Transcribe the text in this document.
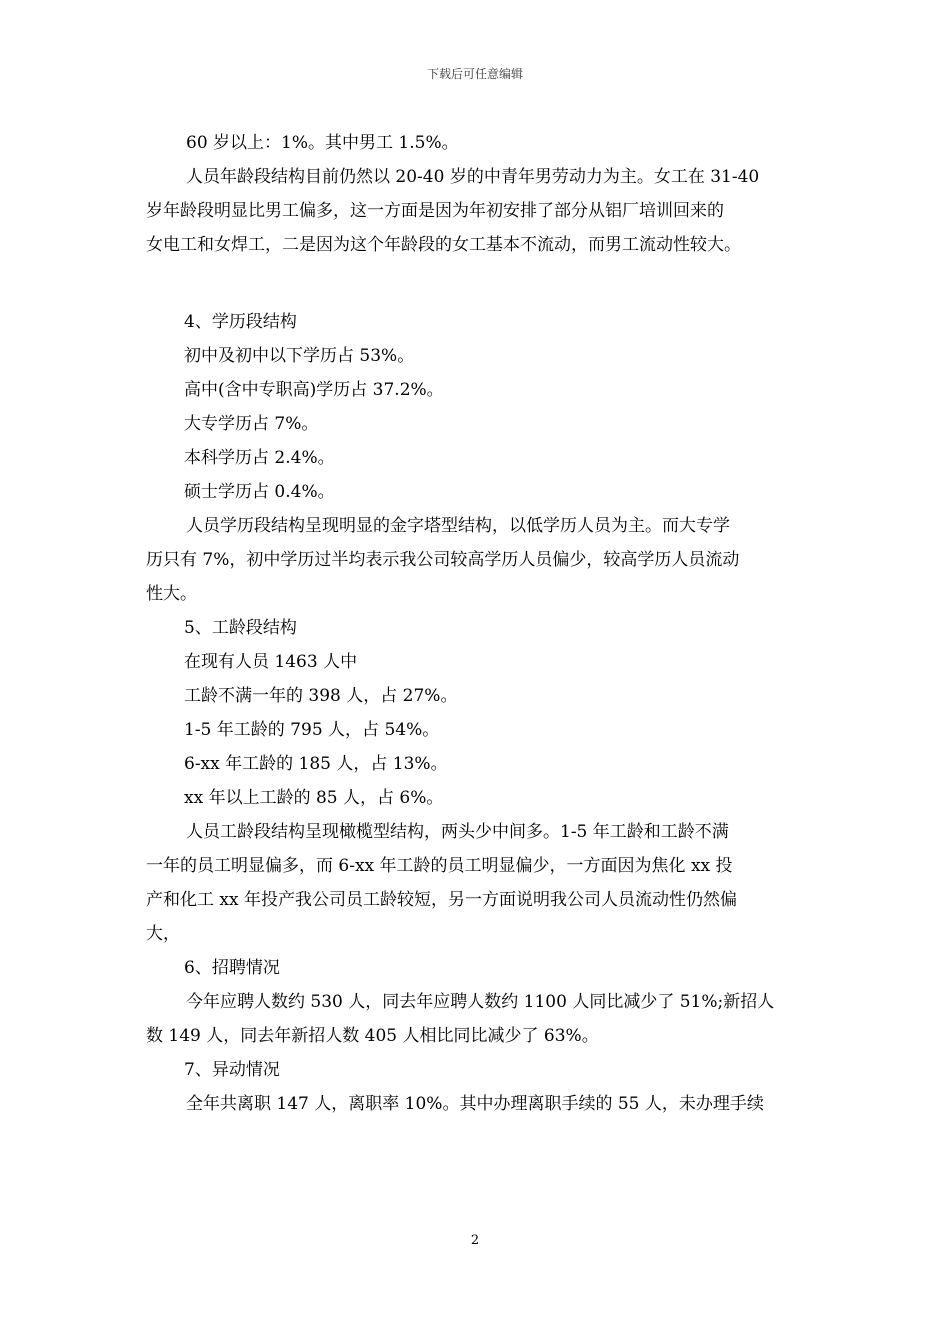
下载后可任意编辑
60 岁以上：1%。其中男工 1.5%。
人员年龄段结构目前仍然以 20-40 岁的中青年男劳动力为主。女工在 31-40
岁年龄段明显比男工偏多，这一方面是因为年初安排了部分从铝厂培训回来的
女电工和女焊工，二是因为这个年龄段的女工基本不流动，而男工流动性较大。
4、学历段结构
初中及初中以下学历占 53%。
高中(含中专职高)学历占 37.2%。
大专学历占 7%。
本科学历占 2.4%。
硕士学历占 0.4%。
人员学历段结构呈现明显的金字塔型结构，以低学历人员为主。而大专学
历只有 7%，初中学历过半均表示我公司较高学历人员偏少，较高学历人员流动
性大。
5、工龄段结构
在现有人员 1463 人中
工龄不满一年的 398 人，占 27%。
1-5 年工龄的 795 人，占 54%。
6-xx 年工龄的 185 人，占 13%。
xx 年以上工龄的 85 人，占 6%。
人员工龄段结构呈现橄榄型结构，两头少中间多。1-5 年工龄和工龄不满
一年的员工明显偏多，而 6-xx 年工龄的员工明显偏少，一方面因为焦化 xx 投
产和化工 xx 年投产我公司员工龄较短，另一方面说明我公司人员流动性仍然偏
大，
6、招聘情况
今年应聘人数约 530 人，同去年应聘人数约 1100 人同比减少了 51%;新招人
数 149 人，同去年新招人数 405 人相比同比减少了 63%。
7、异动情况
全年共离职 147 人，离职率 10%。其中办理离职手续的 55 人，未办理手续
2
